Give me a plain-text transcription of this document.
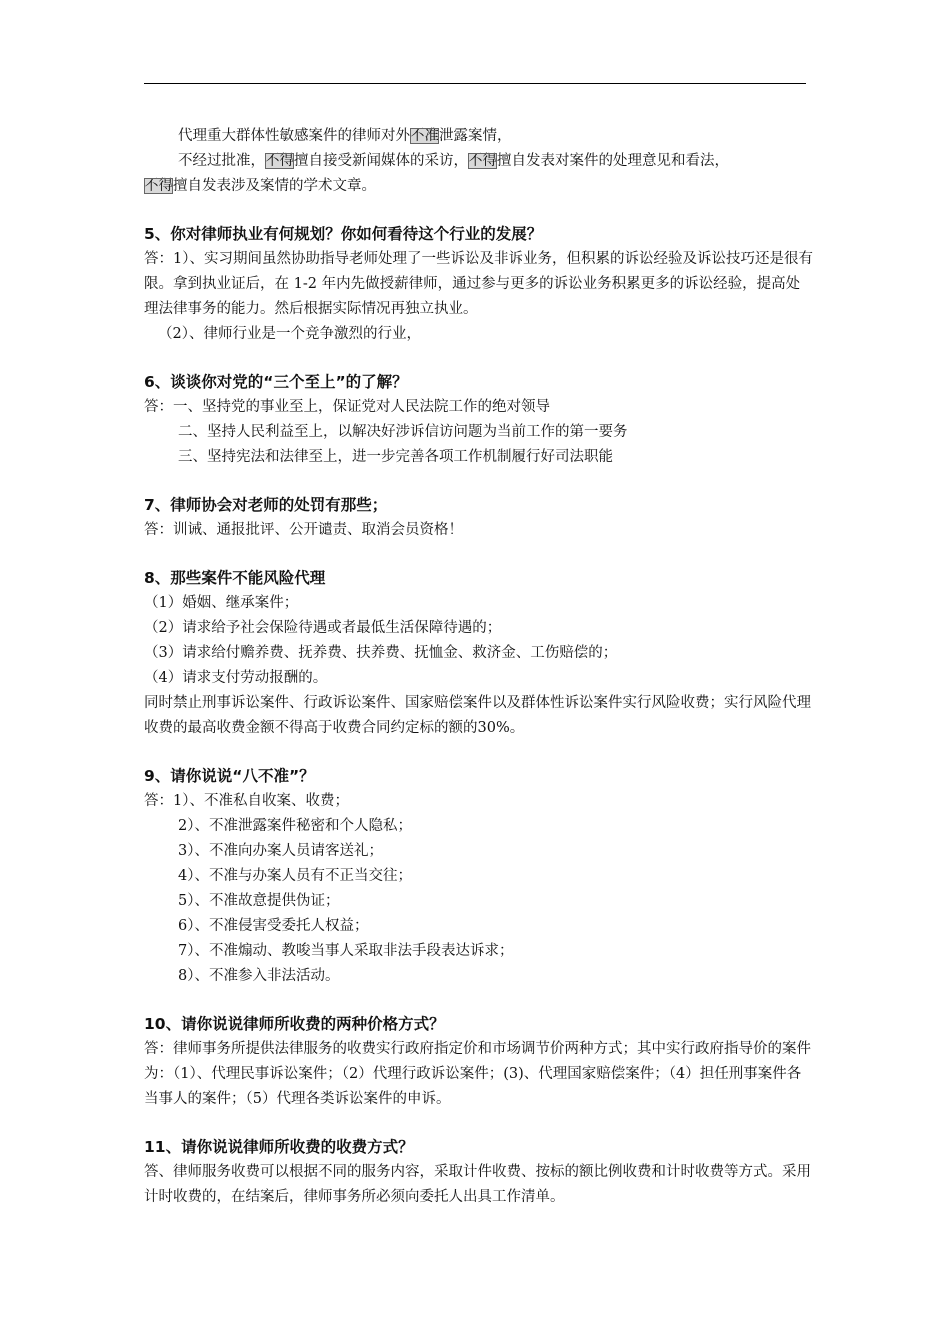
代理重大群体性敏感案件的律师对外不准泄露案情，

不经过批准，不得擅自接受新闻媒体的采访，不得擅自发表对案件的处理意见和看法，
不得擅自发表涉及案情的学术文章。

5、你对律师执业有何规划？你如何看待这个行业的发展？

答：1）、实习期间虽然协助指导老师处理了一些诉讼及非诉业务，但积累的诉讼经验及诉讼技巧还是很有限。拿到执业证后，在 1-2 年内先做授薪律师，通过参与更多的诉讼业务积累更多的诉讼经验，提高处理法律事务的能力。然后根据实际情况再独立执业。

（2）、律师行业是一个竞争激烈的行业，

6、谈谈你对党的“三个至上”的了解？

答：一、坚持党的事业至上，保证党对人民法院工作的绝对领导

二、坚持人民利益至上，以解决好涉诉信访问题为当前工作的第一要务

三、坚持宪法和法律至上，进一步完善各项工作机制履行好司法职能

7、律师协会对老师的处罚有那些；

答：训诫、通报批评、公开谴责、取消会员资格！

8、那些案件不能风险代理

（1）婚姻、继承案件；

（2）请求给予社会保险待遇或者最低生活保障待遇的；

（3）请求给付赡养费、抚养费、扶养费、抚恤金、救济金、工伤赔偿的；

（4）请求支付劳动报酬的。

同时禁止刑事诉讼案件、行政诉讼案件、国家赔偿案件以及群体性诉讼案件实行风险收费；实行风险代理收费的最高收费金额不得高于收费合同约定标的额的30%。

9、请你说说“八不准”？

答：1）、不准私自收案、收费；

2）、不准泄露案件秘密和个人隐私；

3）、不准向办案人员请客送礼；

4）、不准与办案人员有不正当交往；

5）、不准故意提供伪证；

6）、不准侵害受委托人权益；

7）、不准煽动、教唆当事人采取非法手段表达诉求；

8）、不准参入非法活动。

10、请你说说律师所收费的两种价格方式？

答：律师事务所提供法律服务的收费实行政府指定价和市场调节价两种方式；其中实行政府指导价的案件为：（1）、代理民事诉讼案件；（2）代理行政诉讼案件；(3)、代理国家赔偿案件；（4）担任刑事案件各当事人的案件；（5）代理各类诉讼案件的申诉。

11、请你说说律师所收费的收费方式？

答、律师服务收费可以根据不同的服务内容，采取计件收费、按标的额比例收费和计时收费等方式。采用计时收费的，在结案后，律师事务所必须向委托人出具工作清单。
